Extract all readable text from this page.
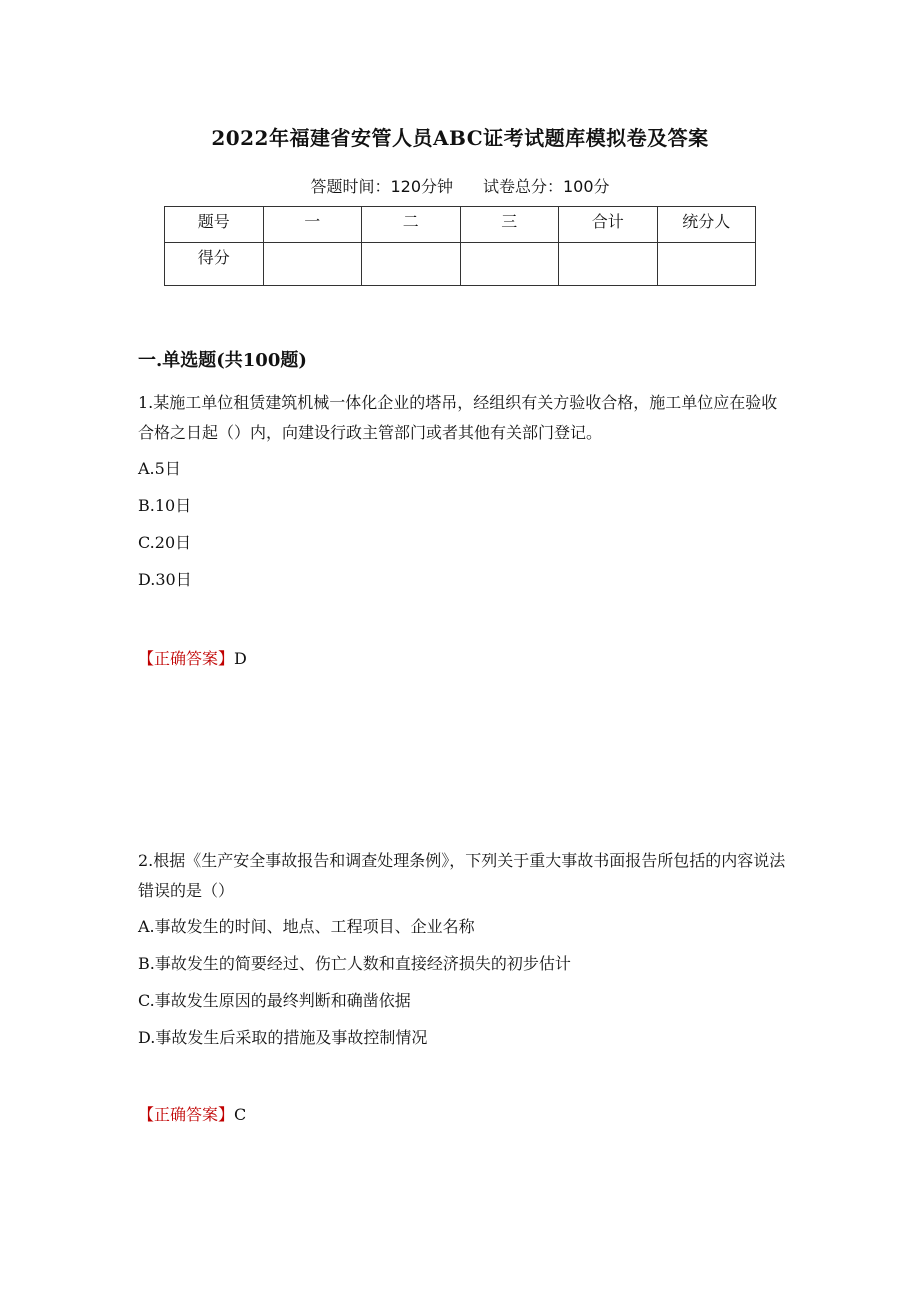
2022年福建省安管人员ABC证考试题库模拟卷及答案
答题时间：120分钟 试卷总分：100分
题号	一	二	三	合计	统分人
得分					
一.单选题(共100题)

1.某施工单位租赁建筑机械一体化企业的塔吊，经组织有关方验收合格，施工单位应在验收合格之日起（）内，向建设行政主管部门或者其他有关部门登记。

A.5日

B.10日

C.20日

D.30日

【正确答案】D

2.根据《生产安全事故报告和调查处理条例》，下列关于重大事故书面报告所包括的内容说法错误的是（）

A.事故发生的时间、地点、工程项目、企业名称

B.事故发生的简要经过、伤亡人数和直接经济损失的初步估计

C.事故发生原因的最终判断和确凿依据

D.事故发生后采取的措施及事故控制情况

【正确答案】C
